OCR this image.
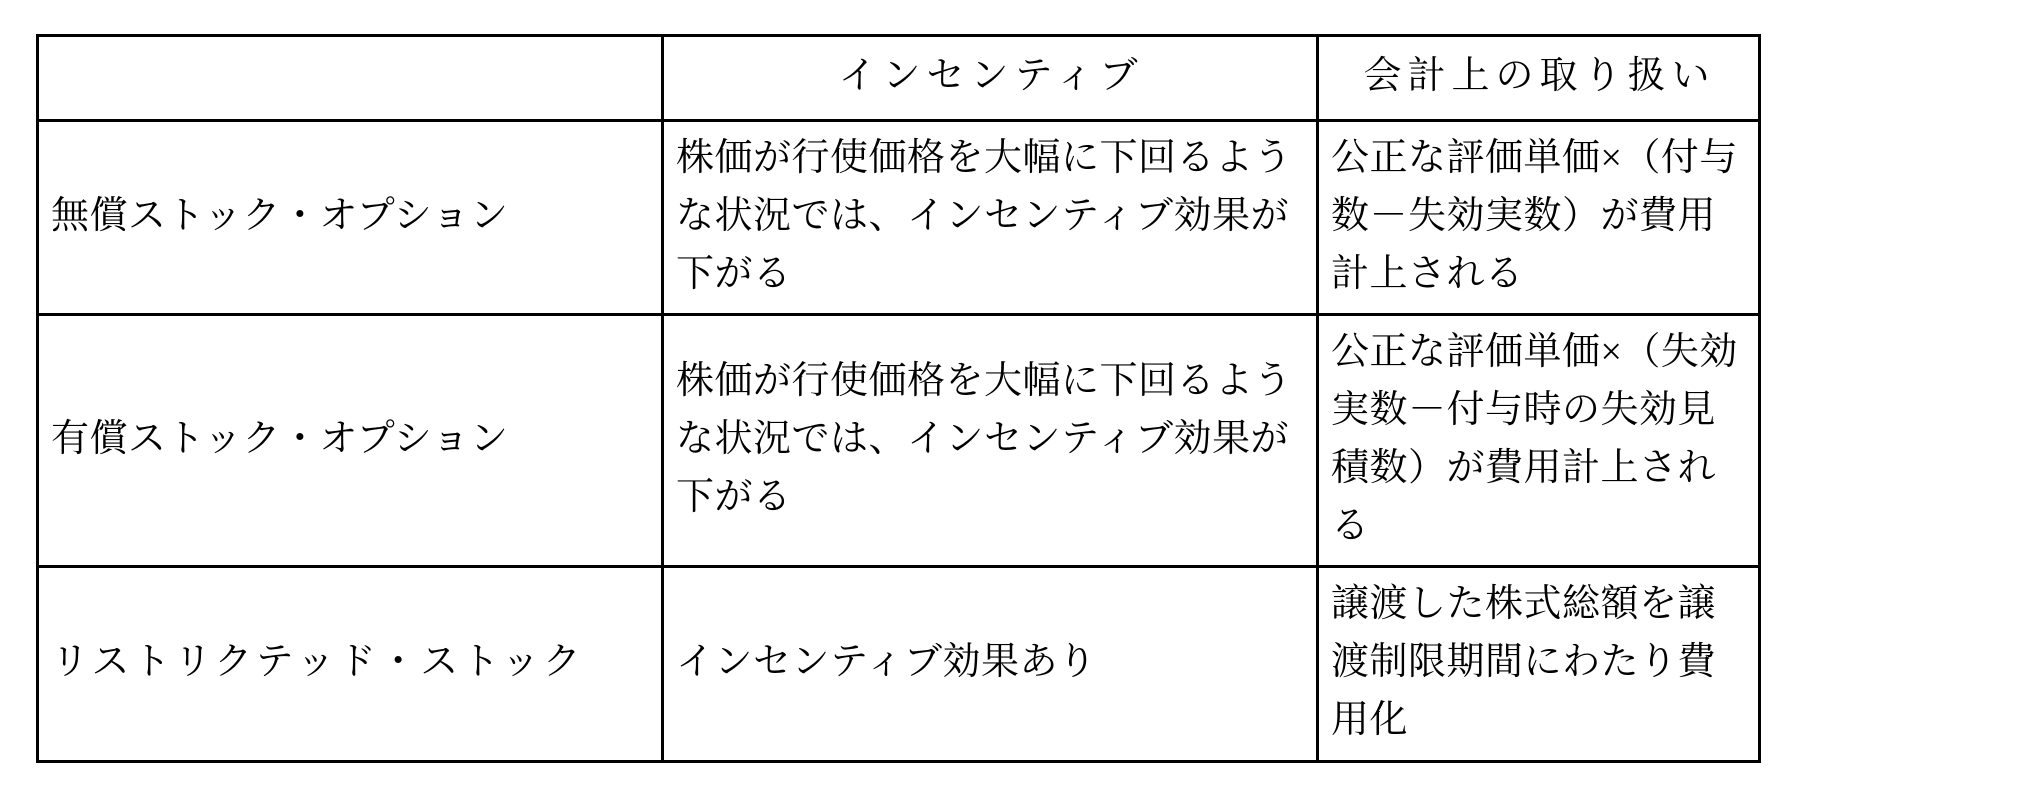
	インセンティブ	会計上の取り扱い
無償ストック・オプション	株価が行使価格を大幅に下回るような状況では、インセンティブ効果が下がる	公正な評価単価×（付与数－失効実数）が費用計上される
有償ストック・オプション	株価が行使価格を大幅に下回るような状況では、インセンティブ効果が下がる	公正な評価単価×（失効実数－付与時の失効見積数）が費用計上される
リストリクテッド・ストック	インセンティブ効果あり	譲渡した株式総額を譲渡制限期間にわたり費用化
